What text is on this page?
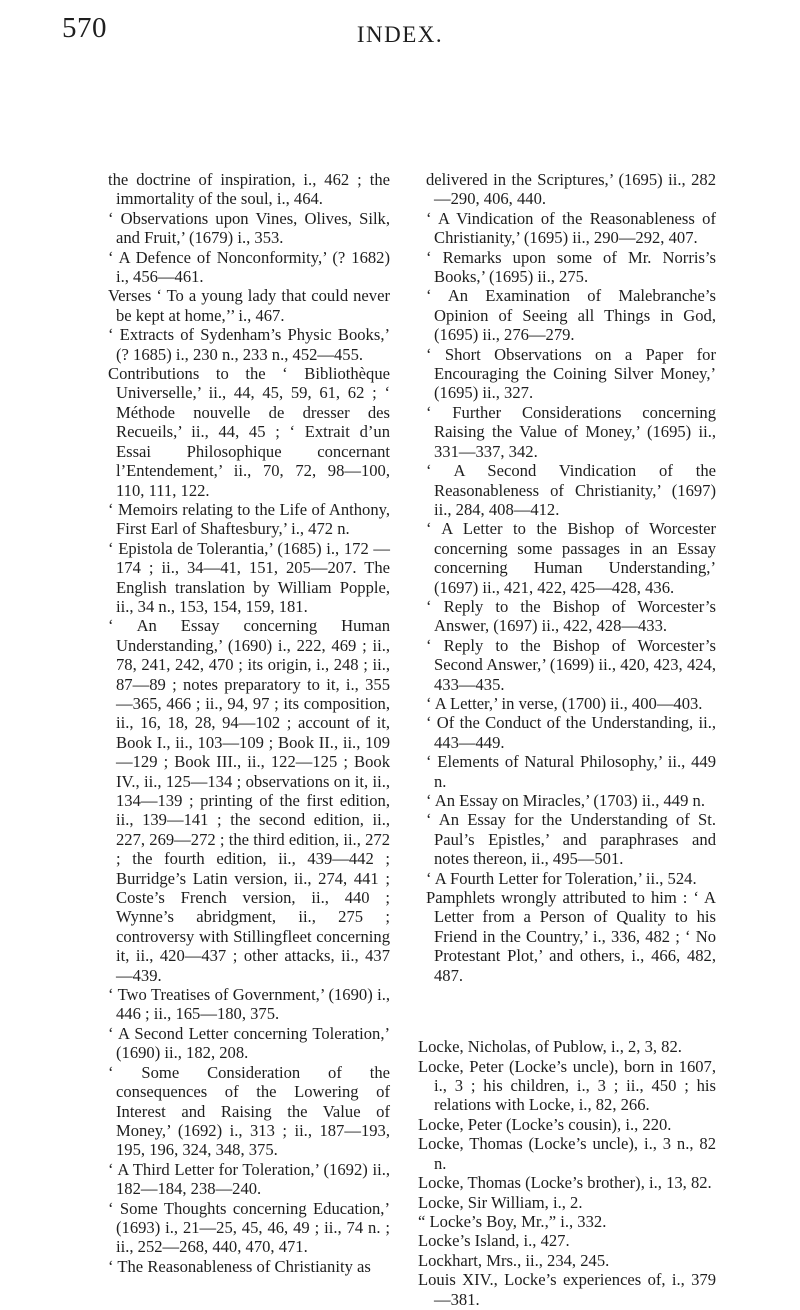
570	INDEX.

the doctrine of inspiration, i., 462 ; the immortality of the soul, i., 464.

‘ Observations upon Vines, Olives, Silk, and Fruit,’ (1679) i., 353.

‘ A Defence of Nonconformity,’ (? 1682) i., 456—461.

Verses ‘ To a young lady that could never be kept at home,’’ i., 467.

‘ Extracts of Sydenham’s Physic Books,’ (? 1685) i., 230 n., 233 n., 452—455.

Contributions to the ‘ Bibliothèque Universelle,’ ii., 44, 45, 59, 61, 62 ; ‘ Méthode nouvelle de dresser des Recueils,’ ii., 44, 45 ; ‘ Extrait d’un Essai Philosophique concernant l’Entendement,’ ii., 70, 72, 98—100, 110, 111, 122.

‘ Memoirs relating to the Life of Anthony, First Earl of Shaftesbury,’ i., 472 n.

‘ Epistola de Tolerantia,’ (1685) i., 172 —174 ; ii., 34—41, 151, 205—207. The English translation by William Popple, ii., 34 n., 153, 154, 159, 181.

‘ An Essay concerning Human Understanding,’ (1690) i., 222, 469 ; ii., 78, 241, 242, 470 ; its origin, i., 248 ; ii., 87—89 ; notes preparatory to it, i., 355—365, 466 ; ii., 94, 97 ; its composition, ii., 16, 18, 28, 94—102 ; account of it, Book I., ii., 103—109 ; Book II., ii., 109—129 ; Book III., ii., 122—125 ; Book IV., ii., 125—134 ; observations on it, ii., 134—139 ; printing of the first edition, ii., 139—141 ; the second edition, ii., 227, 269—272 ; the third edition, ii., 272 ; the fourth edition, ii., 439—442 ; Burridge’s Latin version, ii., 274, 441 ; Coste’s French version, ii., 440 ; Wynne’s abridgment, ii., 275 ; controversy with Stillingfleet concerning it, ii., 420—437 ; other attacks, ii., 437—439.

‘ Two Treatises of Government,’ (1690) i., 446 ; ii., 165—180, 375.

‘ A Second Letter concerning Toleration,’ (1690) ii., 182, 208.

‘ Some Consideration of the consequences of the Lowering of Interest and Raising the Value of Money,’ (1692) i., 313 ; ii., 187—193, 195, 196, 324, 348, 375.

‘ A Third Letter for Toleration,’ (1692) ii., 182—184, 238—240.

‘ Some Thoughts concerning Education,’ (1693) i., 21—25, 45, 46, 49 ; ii., 74 n. ; ii., 252—268, 440, 470, 471.

‘ The Reasonableness of Christianity as

delivered in the Scriptures,’ (1695) ii., 282—290, 406, 440.

‘ A Vindication of the Reasonableness of Christianity,’ (1695) ii., 290—292, 407.

‘ Remarks upon some of Mr. Norris’s Books,’ (1695) ii., 275.

‘ An Examination of Malebranche’s Opinion of Seeing all Things in God, (1695) ii., 276—279.

‘ Short Observations on a Paper for Encouraging the Coining Silver Money,’ (1695) ii., 327.

‘ Further Considerations concerning Raising the Value of Money,’ (1695) ii., 331—337, 342.

‘ A Second Vindication of the Reasonableness of Christianity,’ (1697) ii., 284, 408—412.

‘ A Letter to the Bishop of Worcester concerning some passages in an Essay concerning Human Understanding,’ (1697) ii., 421, 422, 425—428, 436.

‘ Reply to the Bishop of Worcester’s Answer, (1697) ii., 422, 428—433.

‘ Reply to the Bishop of Worcester’s Second Answer,’ (1699) ii., 420, 423, 424, 433—435.

‘ A Letter,’ in verse, (1700) ii., 400—403.

‘ Of the Conduct of the Understanding, ii., 443—449.

‘ Elements of Natural Philosophy,’ ii., 449 n.

‘ An Essay on Miracles,’ (1703) ii., 449 n.

‘ An Essay for the Understanding of St. Paul’s Epistles,’ and paraphrases and notes thereon, ii., 495—501.

‘ A Fourth Letter for Toleration,’ ii., 524.

Pamphlets wrongly attributed to him : ‘ A Letter from a Person of Quality to his Friend in the Country,’ i., 336, 482 ; ‘ No Protestant Plot,’ and others, i., 466, 482, 487.

Locke, Nicholas, of Publow, i., 2, 3, 82.

Locke, Peter (Locke’s uncle), born in 1607, i., 3 ; his children, i., 3 ; ii., 450 ; his relations with Locke, i., 82, 266.

Locke, Peter (Locke’s cousin), i., 220.

Locke, Thomas (Locke’s uncle), i., 3 n., 82 n.

Locke, Thomas (Locke’s brother), i., 13, 82.

Locke, Sir William, i., 2.

“ Locke’s Boy, Mr.,” i., 332.

Locke’s Island, i., 427.

Lockhart, Mrs., ii., 234, 245.

Louis XIV., Locke’s experiences of, i., 379 —381.
